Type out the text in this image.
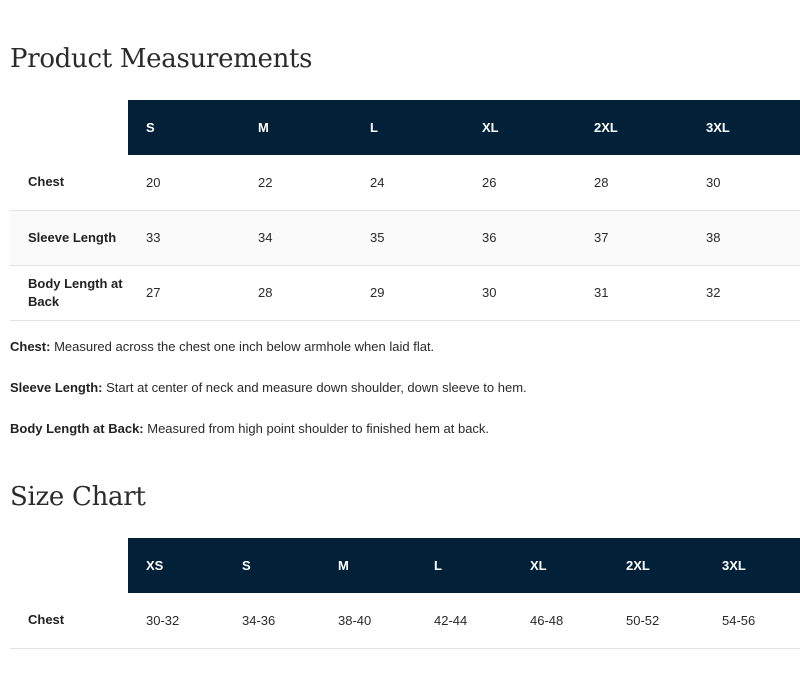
Product Measurements
	S	M	L	XL	2XL	3XL
Chest	20	22	24	26	28	30
Sleeve Length	33	34	35	36	37	38
Body Length at Back	27	28	29	30	31	32

Chest: Measured across the chest one inch below armhole when laid flat.

Sleeve Length: Start at center of neck and measure down shoulder, down sleeve to hem.

Body Length at Back: Measured from high point shoulder to finished hem at back.

Size Chart
	XS	S	M	L	XL	2XL	3XL
Chest	30-32	34-36	38-40	42-44	46-48	50-52	54-56
